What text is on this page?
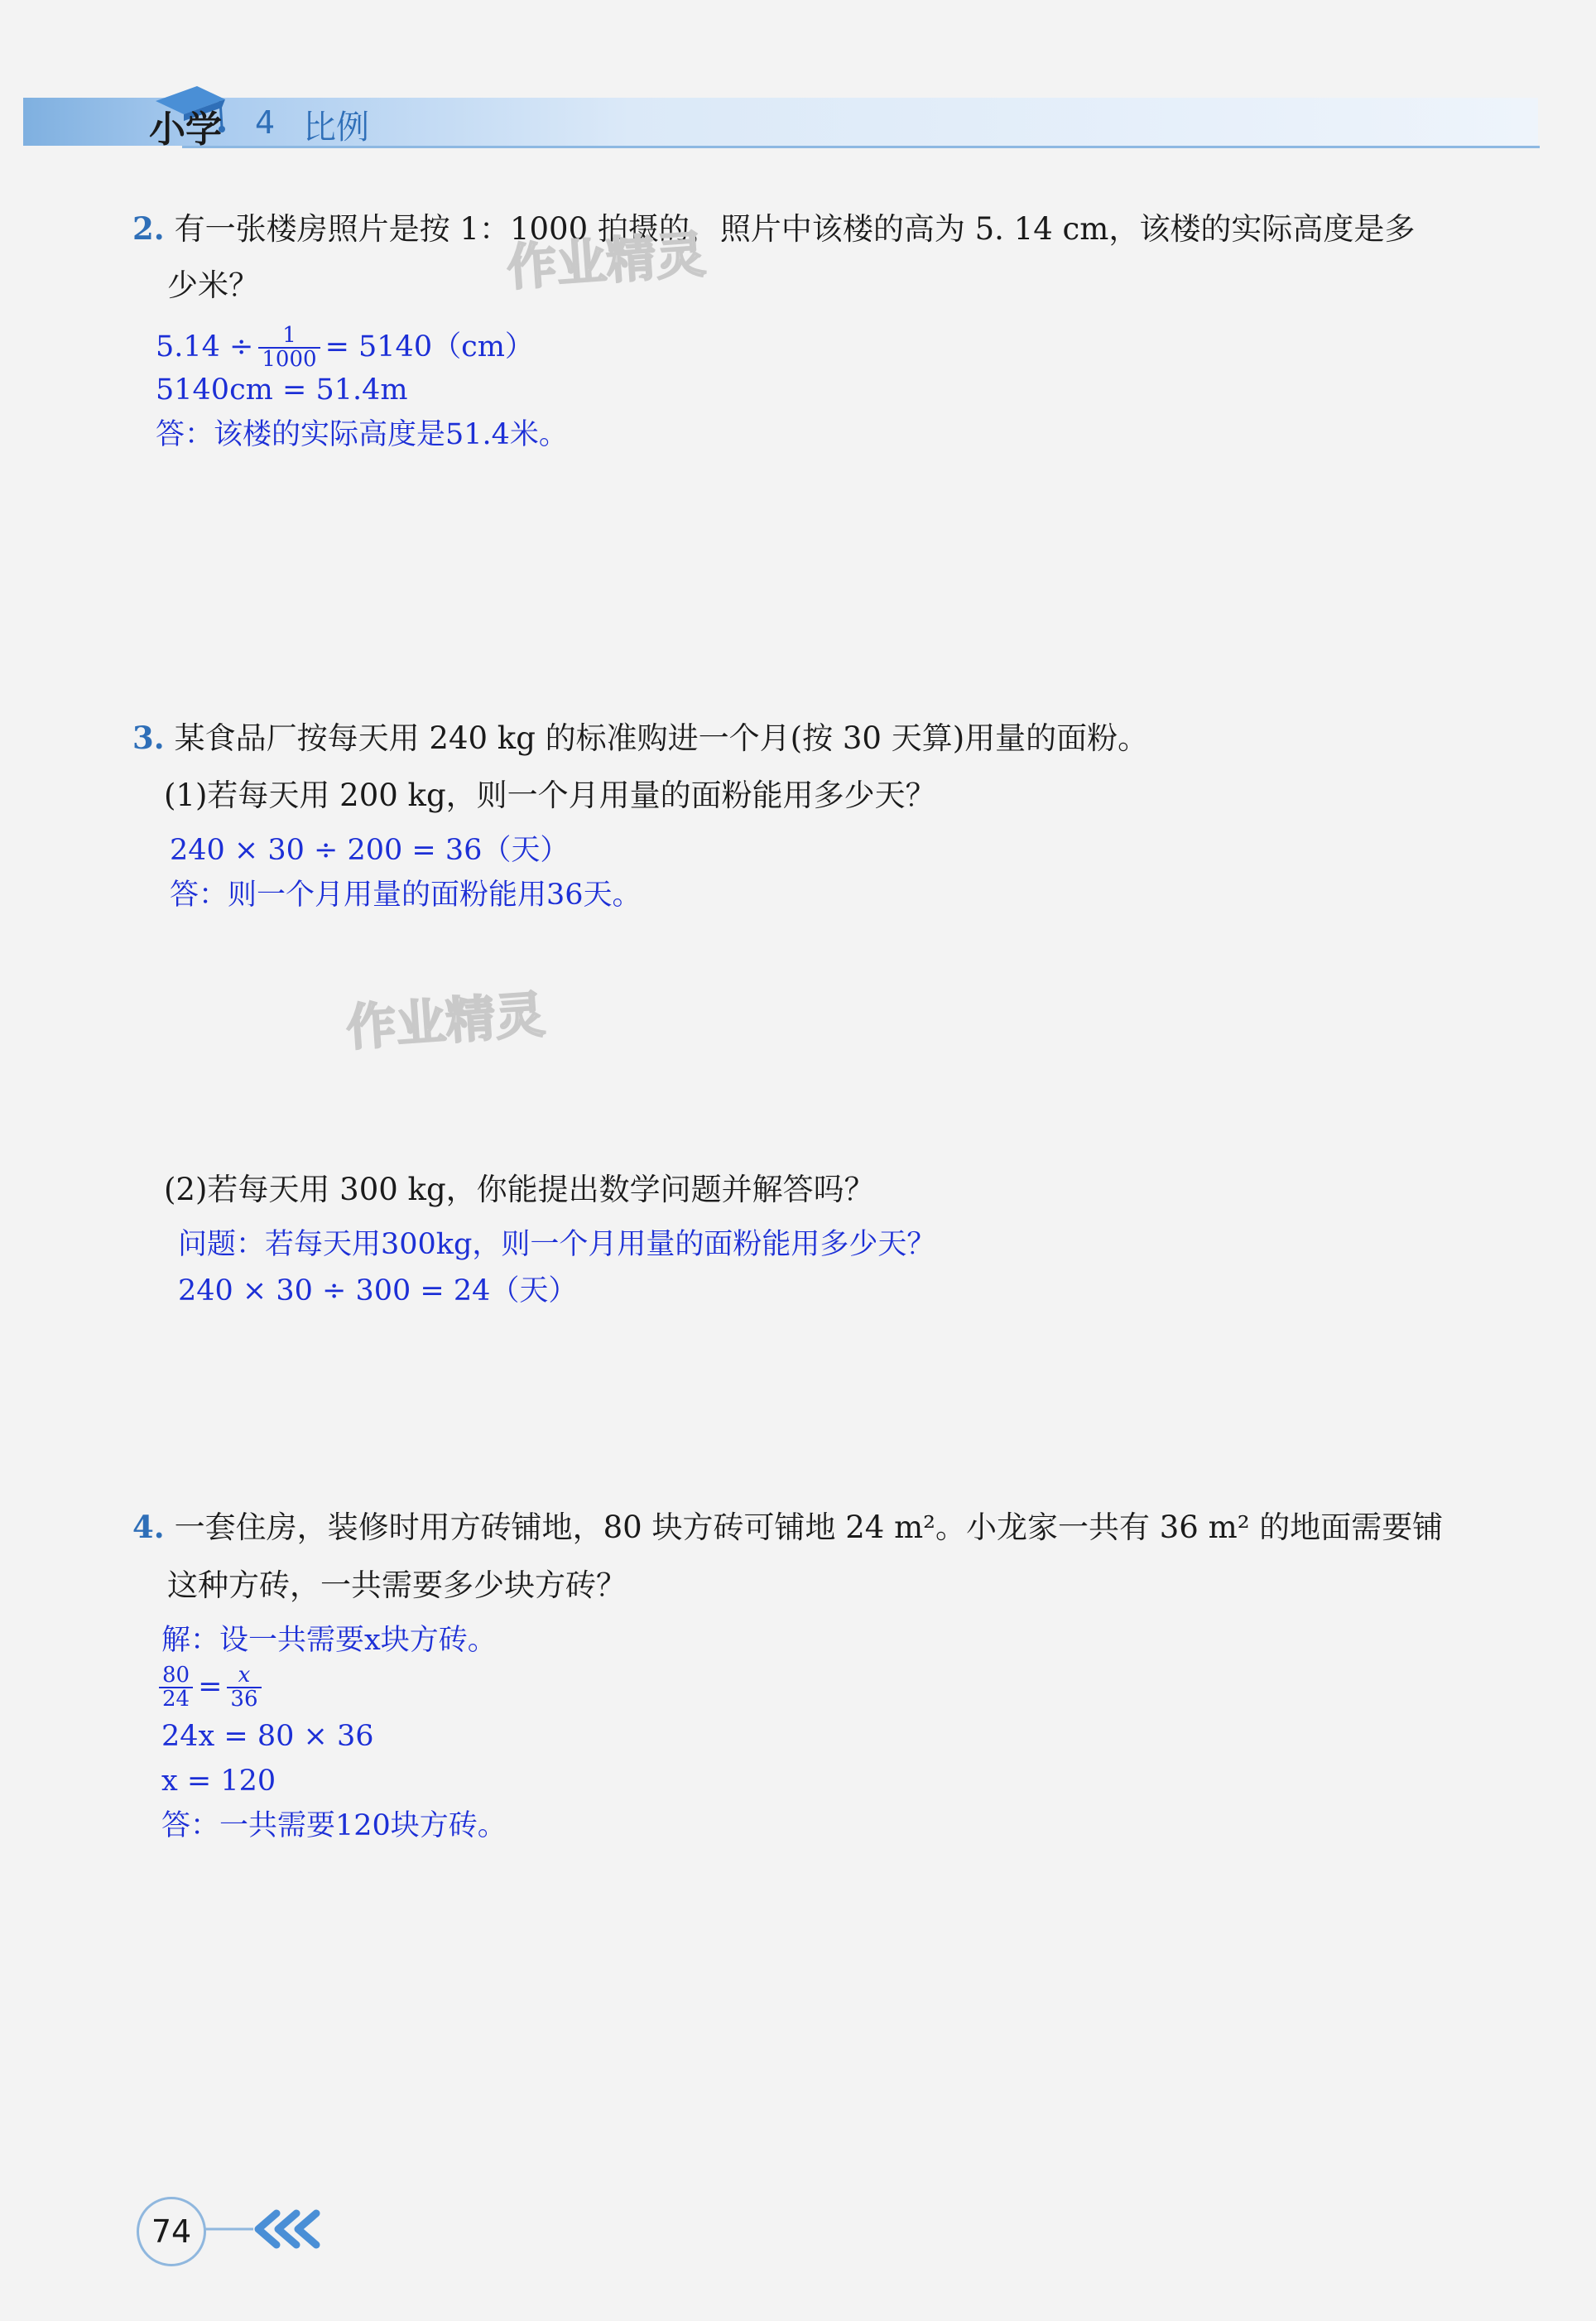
小学 4 比例
2. 有一张楼房照片是按 1：1000 拍摄的，照片中该楼的高为 5. 14 cm，该楼的实际高度是多
少米？	作业精灵
$5.14 \div \frac{1}{1000} = 5140(cm)$
5140cm = 51.4m
答：该楼的实际高度是51.4米。
3. 某食品厂按每天用 240 kg 的标准购进一个月(按 30 天算)用量的面粉。
(1)若每天用 200 kg，则一个月用量的面粉能用多少天？
240 × 30 ÷ 200 = 36（天）
答：则一个月用量的面粉能用36天。
作业精灵
(2)若每天用 300 kg，你能提出数学问题并解答吗？
问题：若每天用300kg，则一个月用量的面粉能用多少天？
240 × 30 ÷ 300 = 24（天）
4. 一套住房，装修时用方砖铺地，80 块方砖可铺地 24 m²。小龙家一共有 36 m² 的地面需要铺
这种方砖，一共需要多少块方砖？
解：设一共需要x块方砖。
$\frac{80}{24} = \frac{x}{36}$
24x = 80 × 36
x = 120
答：一共需要120块方砖。
74
